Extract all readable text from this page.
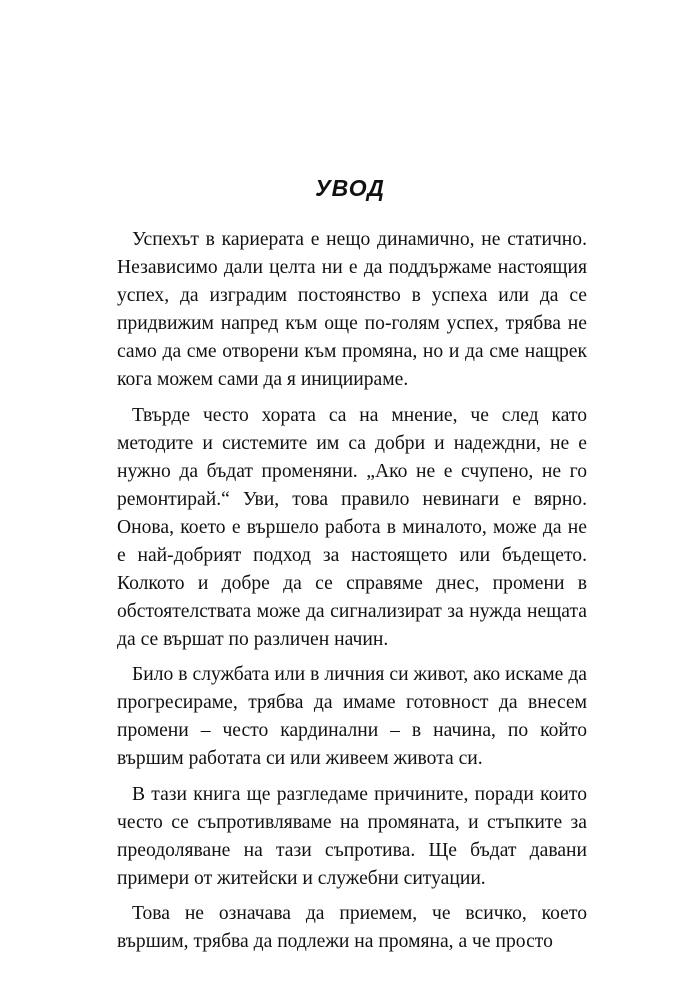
УВОД

Успехът в кариерата е нещо динамично, не статично. Независимо дали целта ни е да поддържаме настоящия успех, да изградим постоянство в успеха или да се придвижим напред към още по-голям успех, трябва не само да сме отворени към промяна, но и да сме нащрек кога можем сами да я инициираме.

Твърде често хората са на мнение, че след като методите и системите им са добри и надеждни, не е нужно да бъдат променяни. „Ако не е счупено, не го ремонтирай.“ Уви, това правило невинаги е вярно. Онова, което е вършело работа в миналото, може да не е най-добрият подход за настоящето или бъдещето. Колкото и добре да се справяме днес, промени в обстоятелствата може да сигнализират за нужда нещата да се вършат по различен начин.

Било в службата или в личния си живот, ако искаме да прогресираме, трябва да имаме готовност да внесем промени – често кардинални – в начина, по който вършим работата си или живеем живота си.

В тази книга ще разгледаме причините, поради които често се съпротивляваме на промяната, и стъпките за преодоляване на тази съпротива. Ще бъдат давани примери от житейски и служебни ситуации.

Това не означава да приемем, че всичко, което вършим, трябва да подлежи на промяна, а че просто
